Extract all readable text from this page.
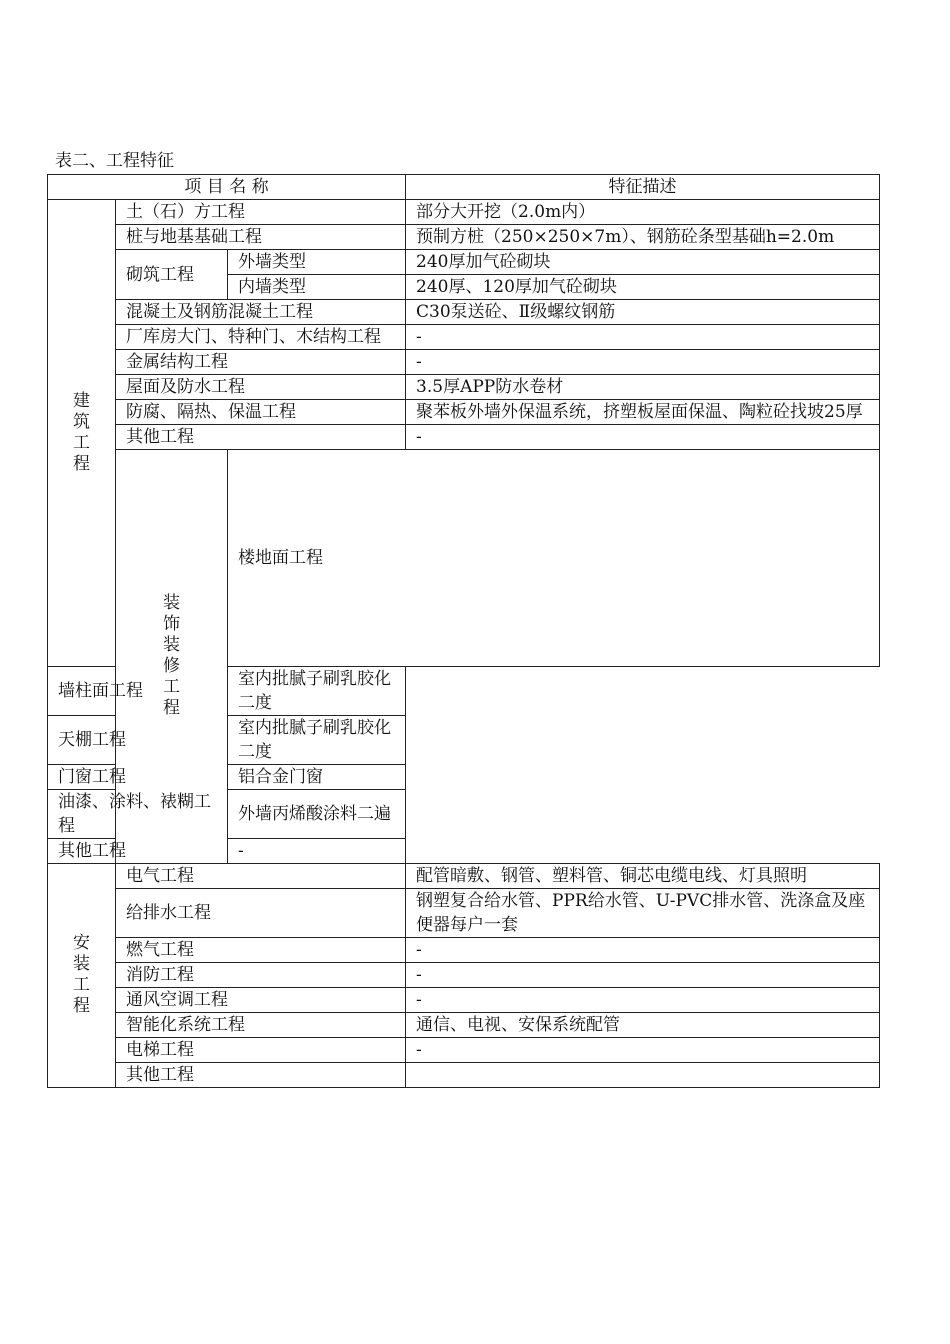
表二、工程特征
项 目 名 称			特征描述	
建筑工程	土（石）方工程		部分大开挖（2.0m内）	
	桩与地基基础工程		预制方桩（250×250×7m）、钢筋砼条型基础h=2.0m	
	砌筑工程	外墙类型	240厚加气砼砌块	
		内墙类型	240厚、120厚加气砼砌块	
	混凝土及钢筋混凝土工程		C30泵送砼、Ⅱ级螺纹钢筋	
	厂库房大门、特种门、木结构工程		-	
	金属结构工程		-	
	屋面及防水工程		3.5厚APP防水卷材	
	防腐、隔热、保温工程		聚苯板外墙外保温系统，挤塑板屋面保温、陶粒砼找坡25厚	
	其他工程		-	
	装饰装修工程	楼地面工程	
墙柱面工程		室内批腻子刷乳胶化二度		
天棚工程		室内批腻子刷乳胶化二度		
门窗工程		铝合金门窗		
油漆、涂料、裱糊工程		外墙丙烯酸涂料二遍		
其他工程		-		
安装工程	电气工程		配管暗敷、钢管、塑料管、铜芯电缆电线、灯具照明	
	给排水工程		钢塑复合给水管、PPR给水管、U-PVC排水管、洗涤盒及座便器每户一套	
	燃气工程		-	
	消防工程		-	
	通风空调工程		-	
	智能化系统工程		通信、电视、安保系统配管	
	电梯工程		-	
	其他工程			
